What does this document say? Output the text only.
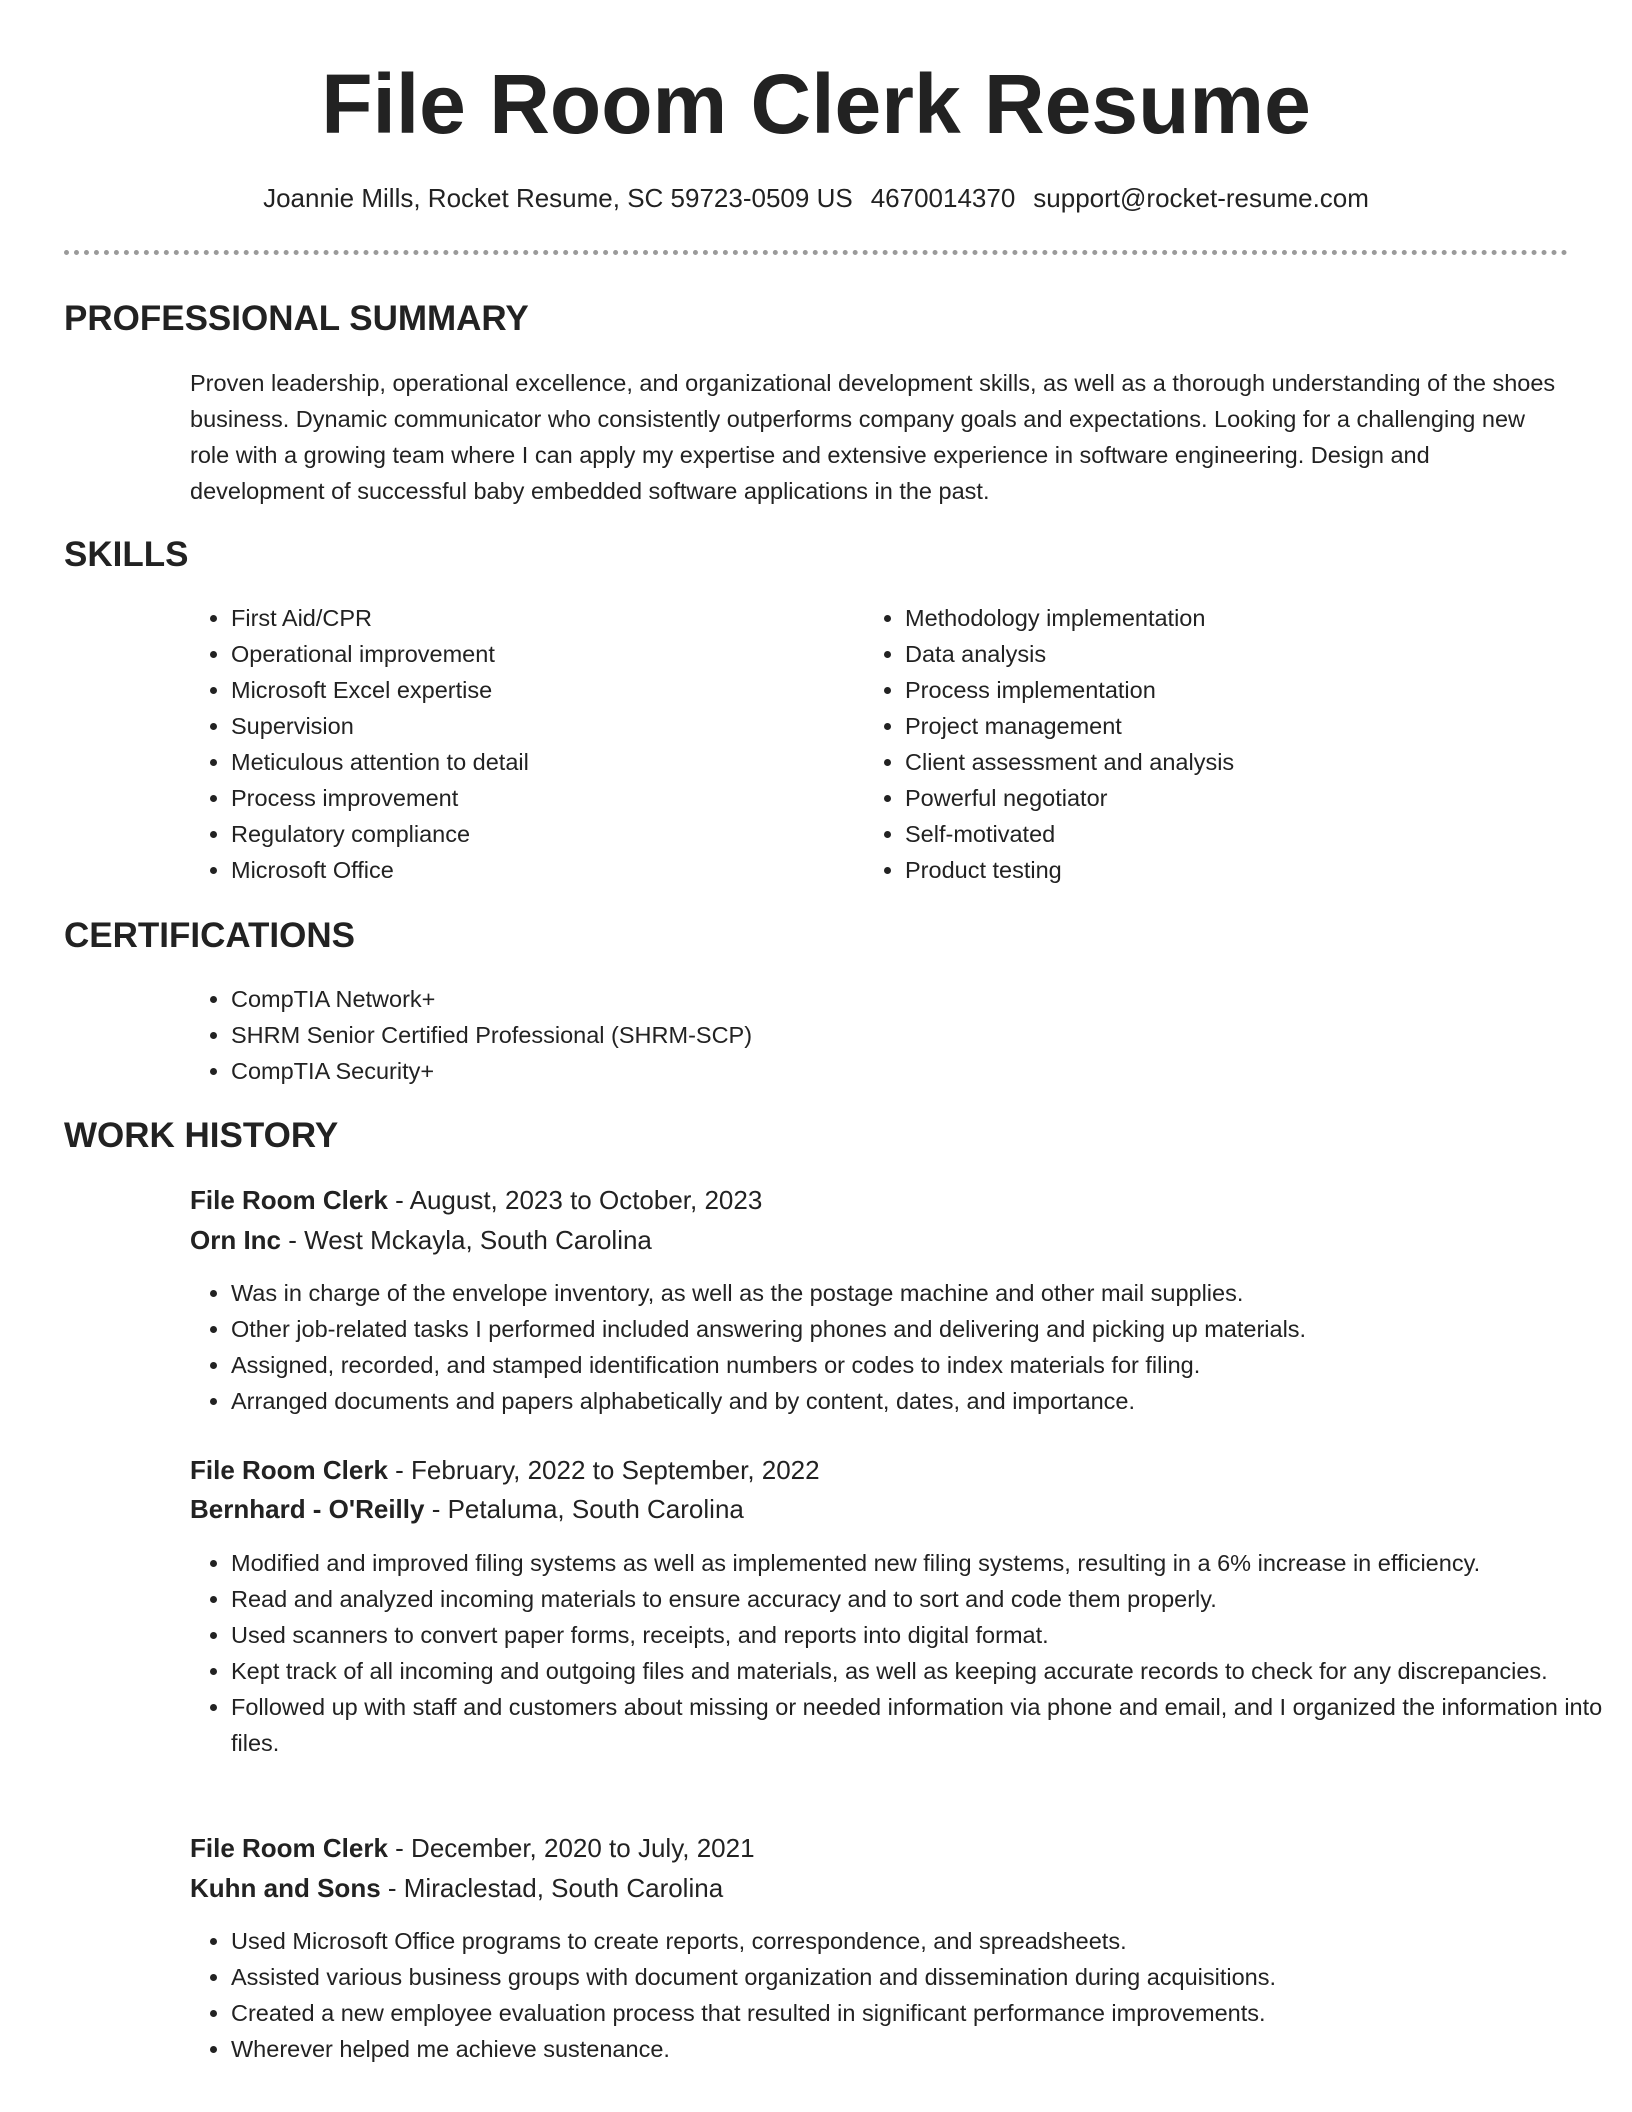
File Room Clerk Resume
Joannie Mills, Rocket Resume, SC 59723-0509 US 4670014370 support@rocket-resume.com
PROFESSIONAL SUMMARY

Proven leadership, operational excellence, and organizational development skills, as well as a thorough understanding of the shoes business. Dynamic communicator who consistently outperforms company goals and expectations. Looking for a challenging new role with a growing team where I can apply my expertise and extensive experience in software engineering. Design and development of successful baby embedded software applications in the past.

SKILLS
• First Aid/CPR
• Operational improvement
• Microsoft Excel expertise
• Supervision
• Meticulous attention to detail
• Process improvement
• Regulatory compliance
• Microsoft Office
• Methodology implementation
• Data analysis
• Process implementation
• Project management
• Client assessment and analysis
• Powerful negotiator
• Self-motivated
• Product testing
CERTIFICATIONS
• CompTIA Network+
• SHRM Senior Certified Professional (SHRM-SCP)
• CompTIA Security+
WORK HISTORY
File Room Clerk - August, 2023 to October, 2023
Orn Inc - West Mckayla, South Carolina
• Was in charge of the envelope inventory, as well as the postage machine and other mail supplies.
• Other job-related tasks I performed included answering phones and delivering and picking up materials.
• Assigned, recorded, and stamped identification numbers or codes to index materials for filing.
• Arranged documents and papers alphabetically and by content, dates, and importance.
File Room Clerk - February, 2022 to September, 2022
Bernhard - O'Reilly - Petaluma, South Carolina
• Modified and improved filing systems as well as implemented new filing systems, resulting in a 6% increase in efficiency.
• Read and analyzed incoming materials to ensure accuracy and to sort and code them properly.
• Used scanners to convert paper forms, receipts, and reports into digital format.
• Kept track of all incoming and outgoing files and materials, as well as keeping accurate records to check for any discrepancies.
• Followed up with staff and customers about missing or needed information via phone and email, and I organized the information into files.
File Room Clerk - December, 2020 to July, 2021
Kuhn and Sons - Miraclestad, South Carolina
• Used Microsoft Office programs to create reports, correspondence, and spreadsheets.
• Assisted various business groups with document organization and dissemination during acquisitions.
• Created a new employee evaluation process that resulted in significant performance improvements.
• Wherever helped me achieve sustenance.
